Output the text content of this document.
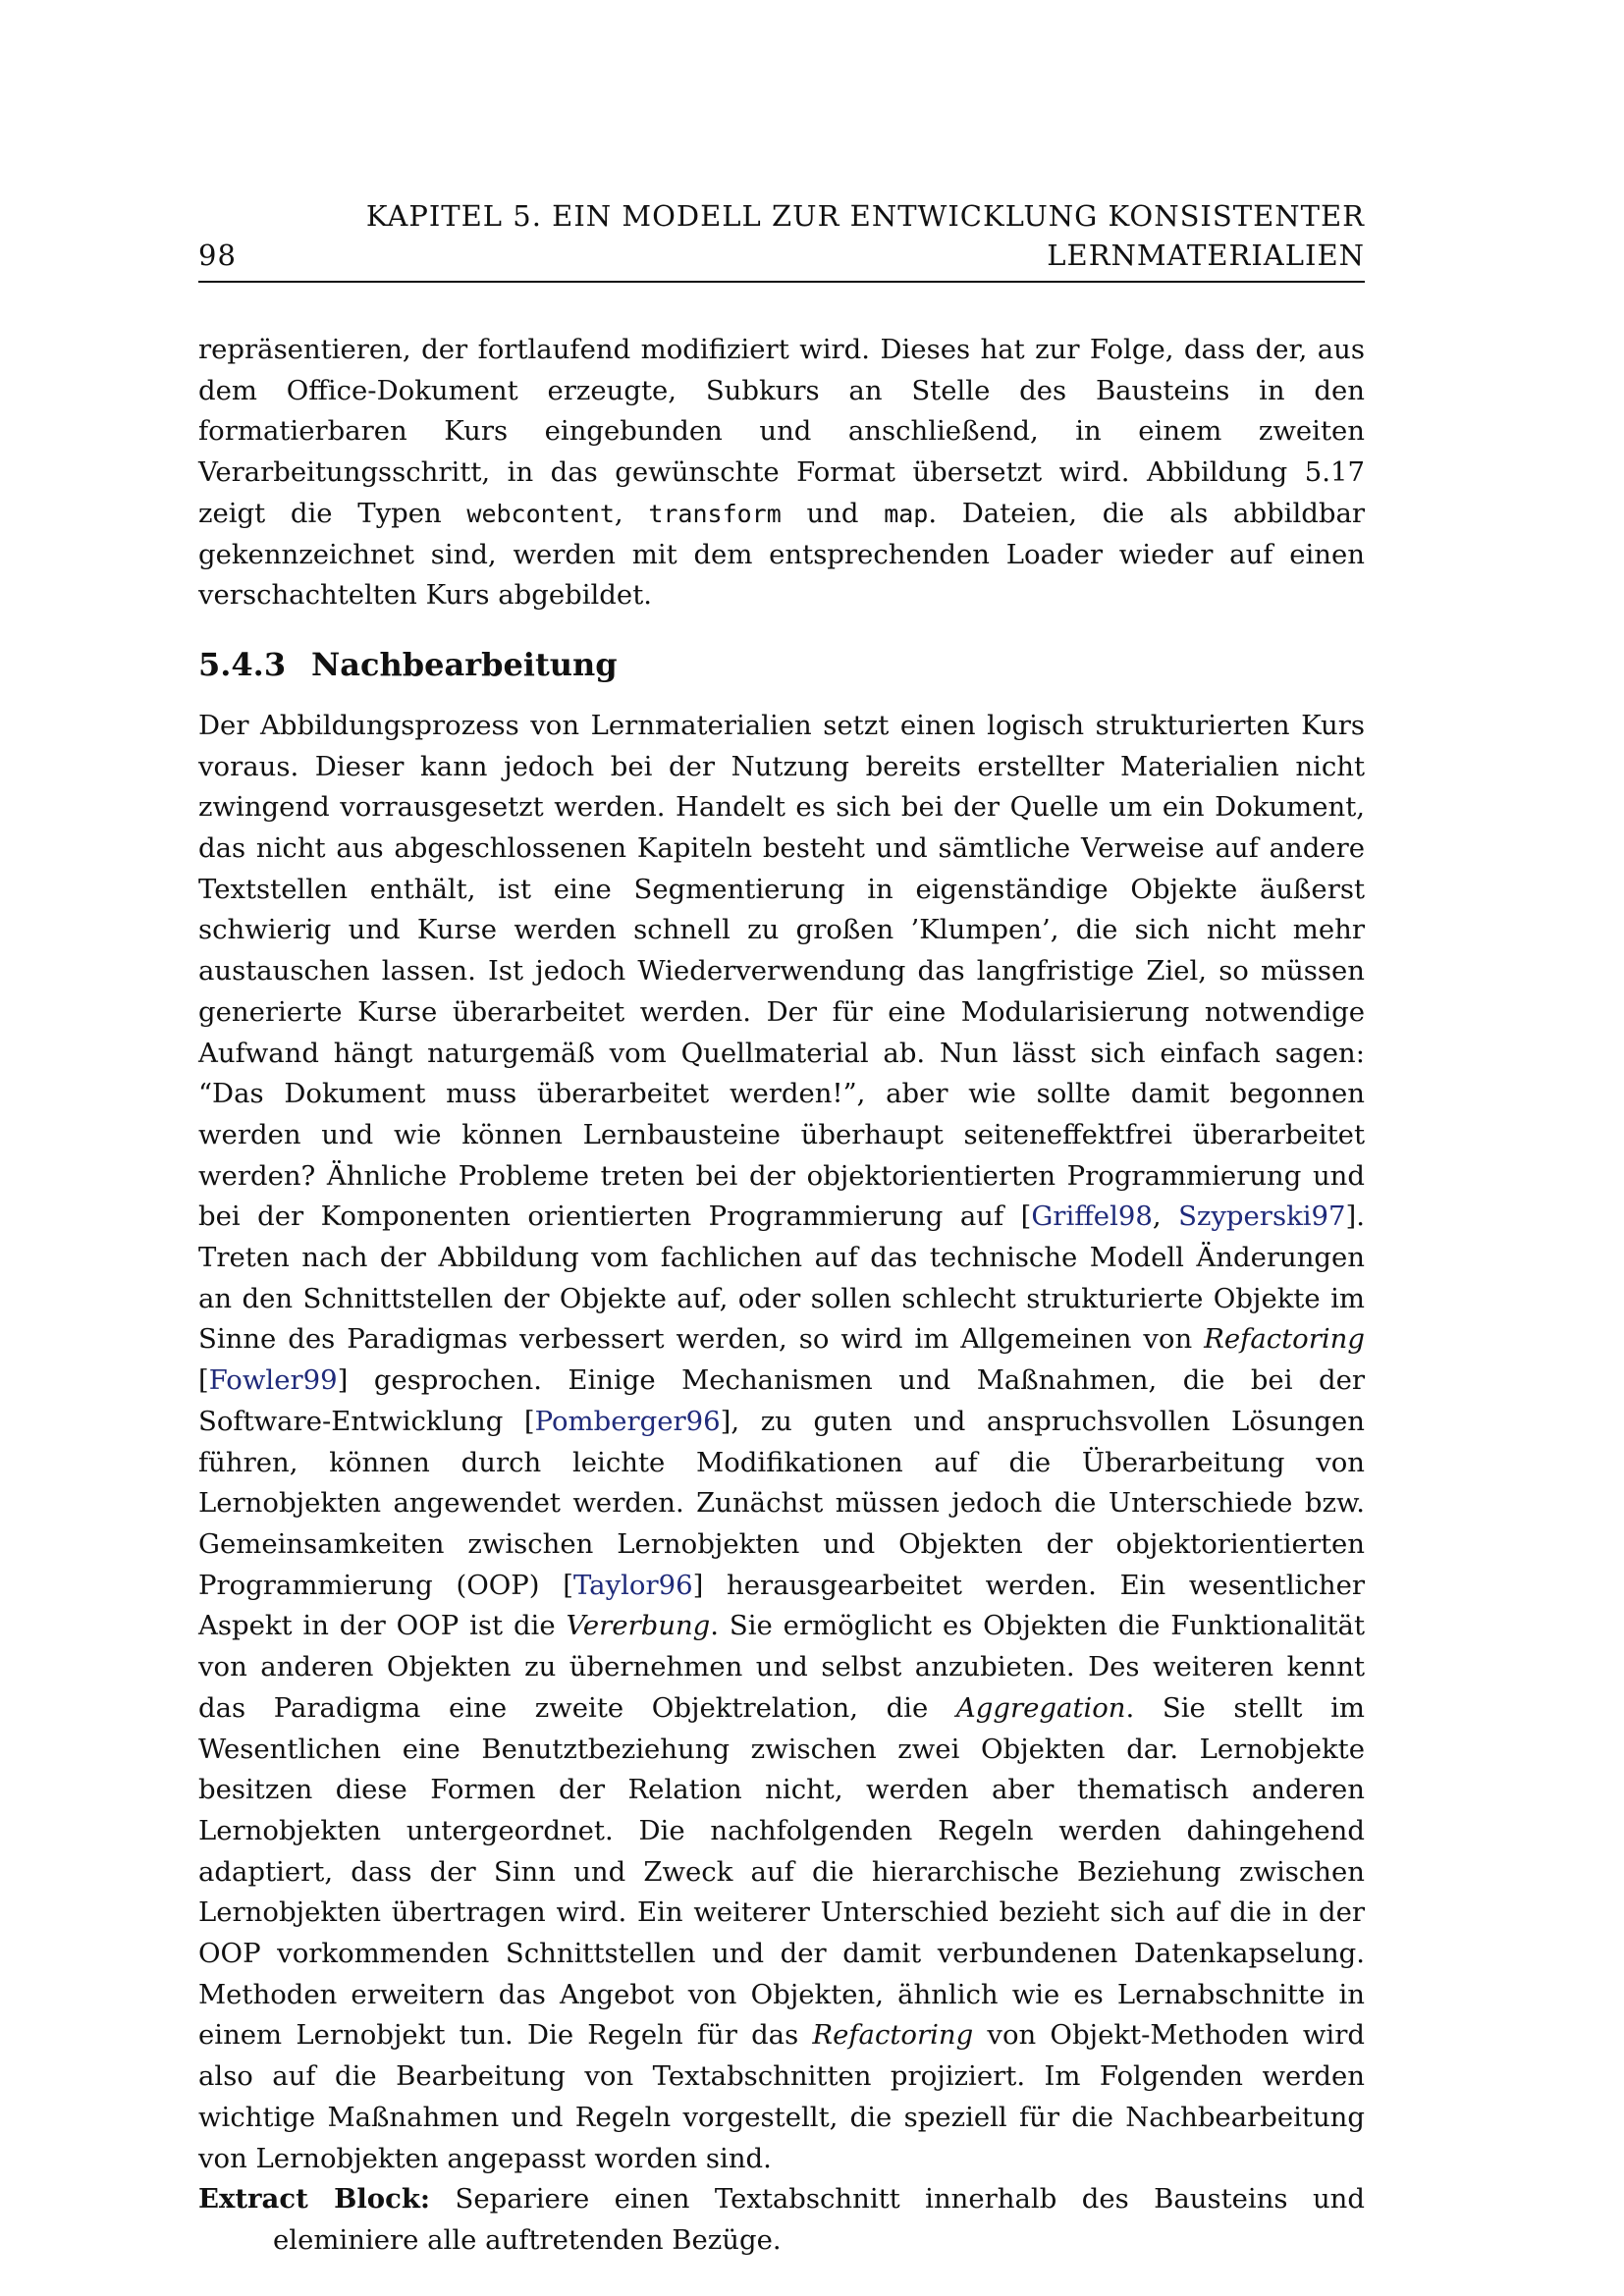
KAPITEL 5. EIN MODELL ZUR ENTWICKLUNG KONSISTENTER
98	LERNMATERIALIEN

repräsentieren, der fortlaufend modifiziert wird. Dieses hat zur Folge, dass der, aus dem Office-Dokument erzeugte, Subkurs an Stelle des Bausteins in den formatierbaren Kurs eingebunden und anschließend, in einem zweiten Verarbeitungsschritt, in das gewünschte Format übersetzt wird. Abbildung 5.17 zeigt die Typen webcontent, transform und map. Dateien, die als abbildbar gekennzeichnet sind, werden mit dem entsprechenden Loader wieder auf einen verschachtelten Kurs abgebildet.

5.4.3 Nachbearbeitung

Der Abbildungsprozess von Lernmaterialien setzt einen logisch strukturierten Kurs voraus. Dieser kann jedoch bei der Nutzung bereits erstellter Materialien nicht zwingend vorrausgesetzt werden. Handelt es sich bei der Quelle um ein Dokument, das nicht aus abgeschlossenen Kapiteln besteht und sämtliche Verweise auf andere Textstellen enthält, ist eine Segmentierung in eigenständige Objekte äußerst schwierig und Kurse werden schnell zu großen ’Klumpen’, die sich nicht mehr austauschen lassen. Ist jedoch Wiederverwendung das langfristige Ziel, so müssen generierte Kurse überarbeitet werden. Der für eine Modularisierung notwendige Aufwand hängt naturgemäß vom Quellmaterial ab. Nun lässt sich einfach sagen: “Das Dokument muss überarbeitet werden!”, aber wie sollte damit begonnen werden und wie können Lernbausteine überhaupt seiteneffektfrei überarbeitet werden? Ähnliche Probleme treten bei der objektorientierten Programmierung und bei der Komponenten orientierten Programmierung auf [Griffel98, Szyperski97]. Treten nach der Abbildung vom fachlichen auf das technische Modell Änderungen an den Schnittstellen der Objekte auf, oder sollen schlecht strukturierte Objekte im Sinne des Paradigmas verbessert werden, so wird im Allgemeinen von Refactoring [Fowler99] gesprochen. Einige Mechanismen und Maßnahmen, die bei der Software-Entwicklung [Pomberger96], zu guten und anspruchsvollen Lösungen führen, können durch leichte Modifikationen auf die Überarbeitung von Lernobjekten angewendet werden. Zunächst müssen jedoch die Unterschiede bzw. Gemeinsamkeiten zwischen Lernobjekten und Objekten der objektorientierten Programmierung (OOP) [Taylor96] herausgearbeitet werden. Ein wesentlicher Aspekt in der OOP ist die Vererbung. Sie ermöglicht es Objekten die Funktionalität von anderen Objekten zu übernehmen und selbst anzubieten. Des weiteren kennt das Paradigma eine zweite Objektrelation, die Aggregation. Sie stellt im Wesentlichen eine Benutztbeziehung zwischen zwei Objekten dar. Lernobjekte besitzen diese Formen der Relation nicht, werden aber thematisch anderen Lernobjekten untergeordnet. Die nachfolgenden Regeln werden dahingehend adaptiert, dass der Sinn und Zweck auf die hierarchische Beziehung zwischen Lernobjekten übertragen wird. Ein weiterer Unterschied bezieht sich auf die in der OOP vorkommenden Schnittstellen und der damit verbundenen Datenkapselung. Methoden erweitern das Angebot von Objekten, ähnlich wie es Lernabschnitte in einem Lernobjekt tun. Die Regeln für das Refactoring von Objekt-Methoden wird also auf die Bearbeitung von Textabschnitten projiziert. Im Folgenden werden wichtige Maßnahmen und Regeln vorgestellt, die speziell für die Nachbearbeitung von Lernobjekten angepasst worden sind.

Extract Block: Separiere einen Textabschnitt innerhalb des Bausteins und eleminiere alle auftretenden Bezüge.
